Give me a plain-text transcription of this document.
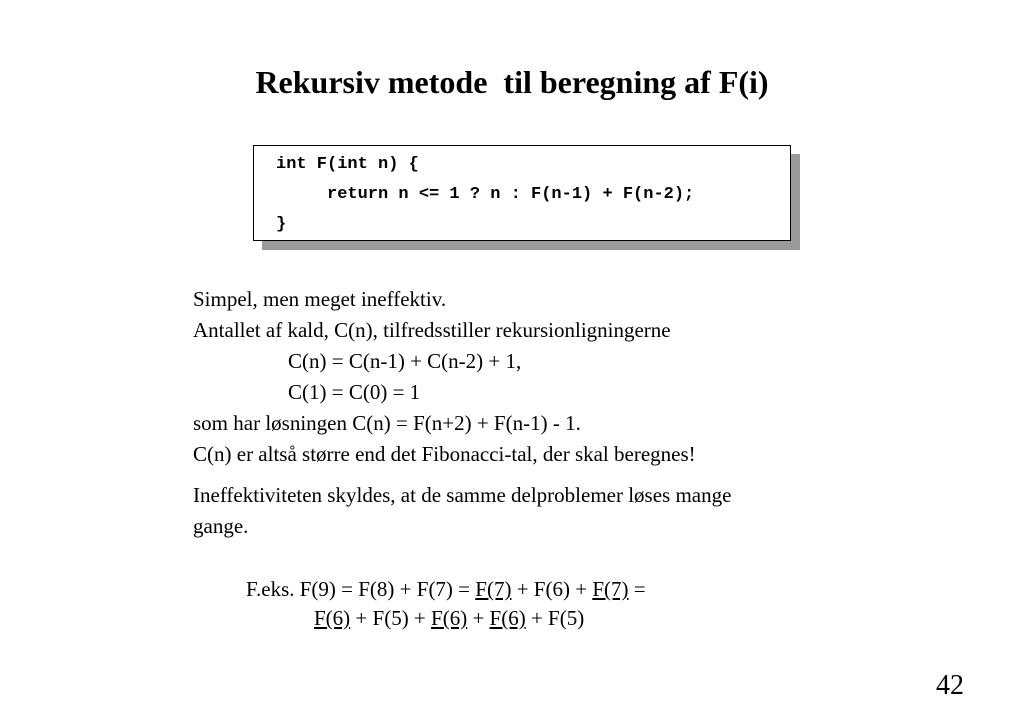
Rekursiv metode  til beregning af F(i)
int F(int n) {
return n <= 1 ? n : F(n-1) + F(n-2);
}
Simpel, men meget ineffektiv.
Antallet af kald, C(n), tilfredsstiller rekursionligningerne
C(n) = C(n-1) + C(n-2) + 1,
C(1) = C(0) = 1
som har løsningen C(n) = F(n+2) + F(n-1) - 1.
C(n) er altså større end det Fibonacci-tal, der skal beregnes!
Ineffektiviteten skyldes, at de samme delproblemer løses mange
gange.
F.eks. F(9) = F(8) + F(7) = F(7) + F(6) + F(7) =
F(6) + F(5) + F(6) + F(6) + F(5)
42
